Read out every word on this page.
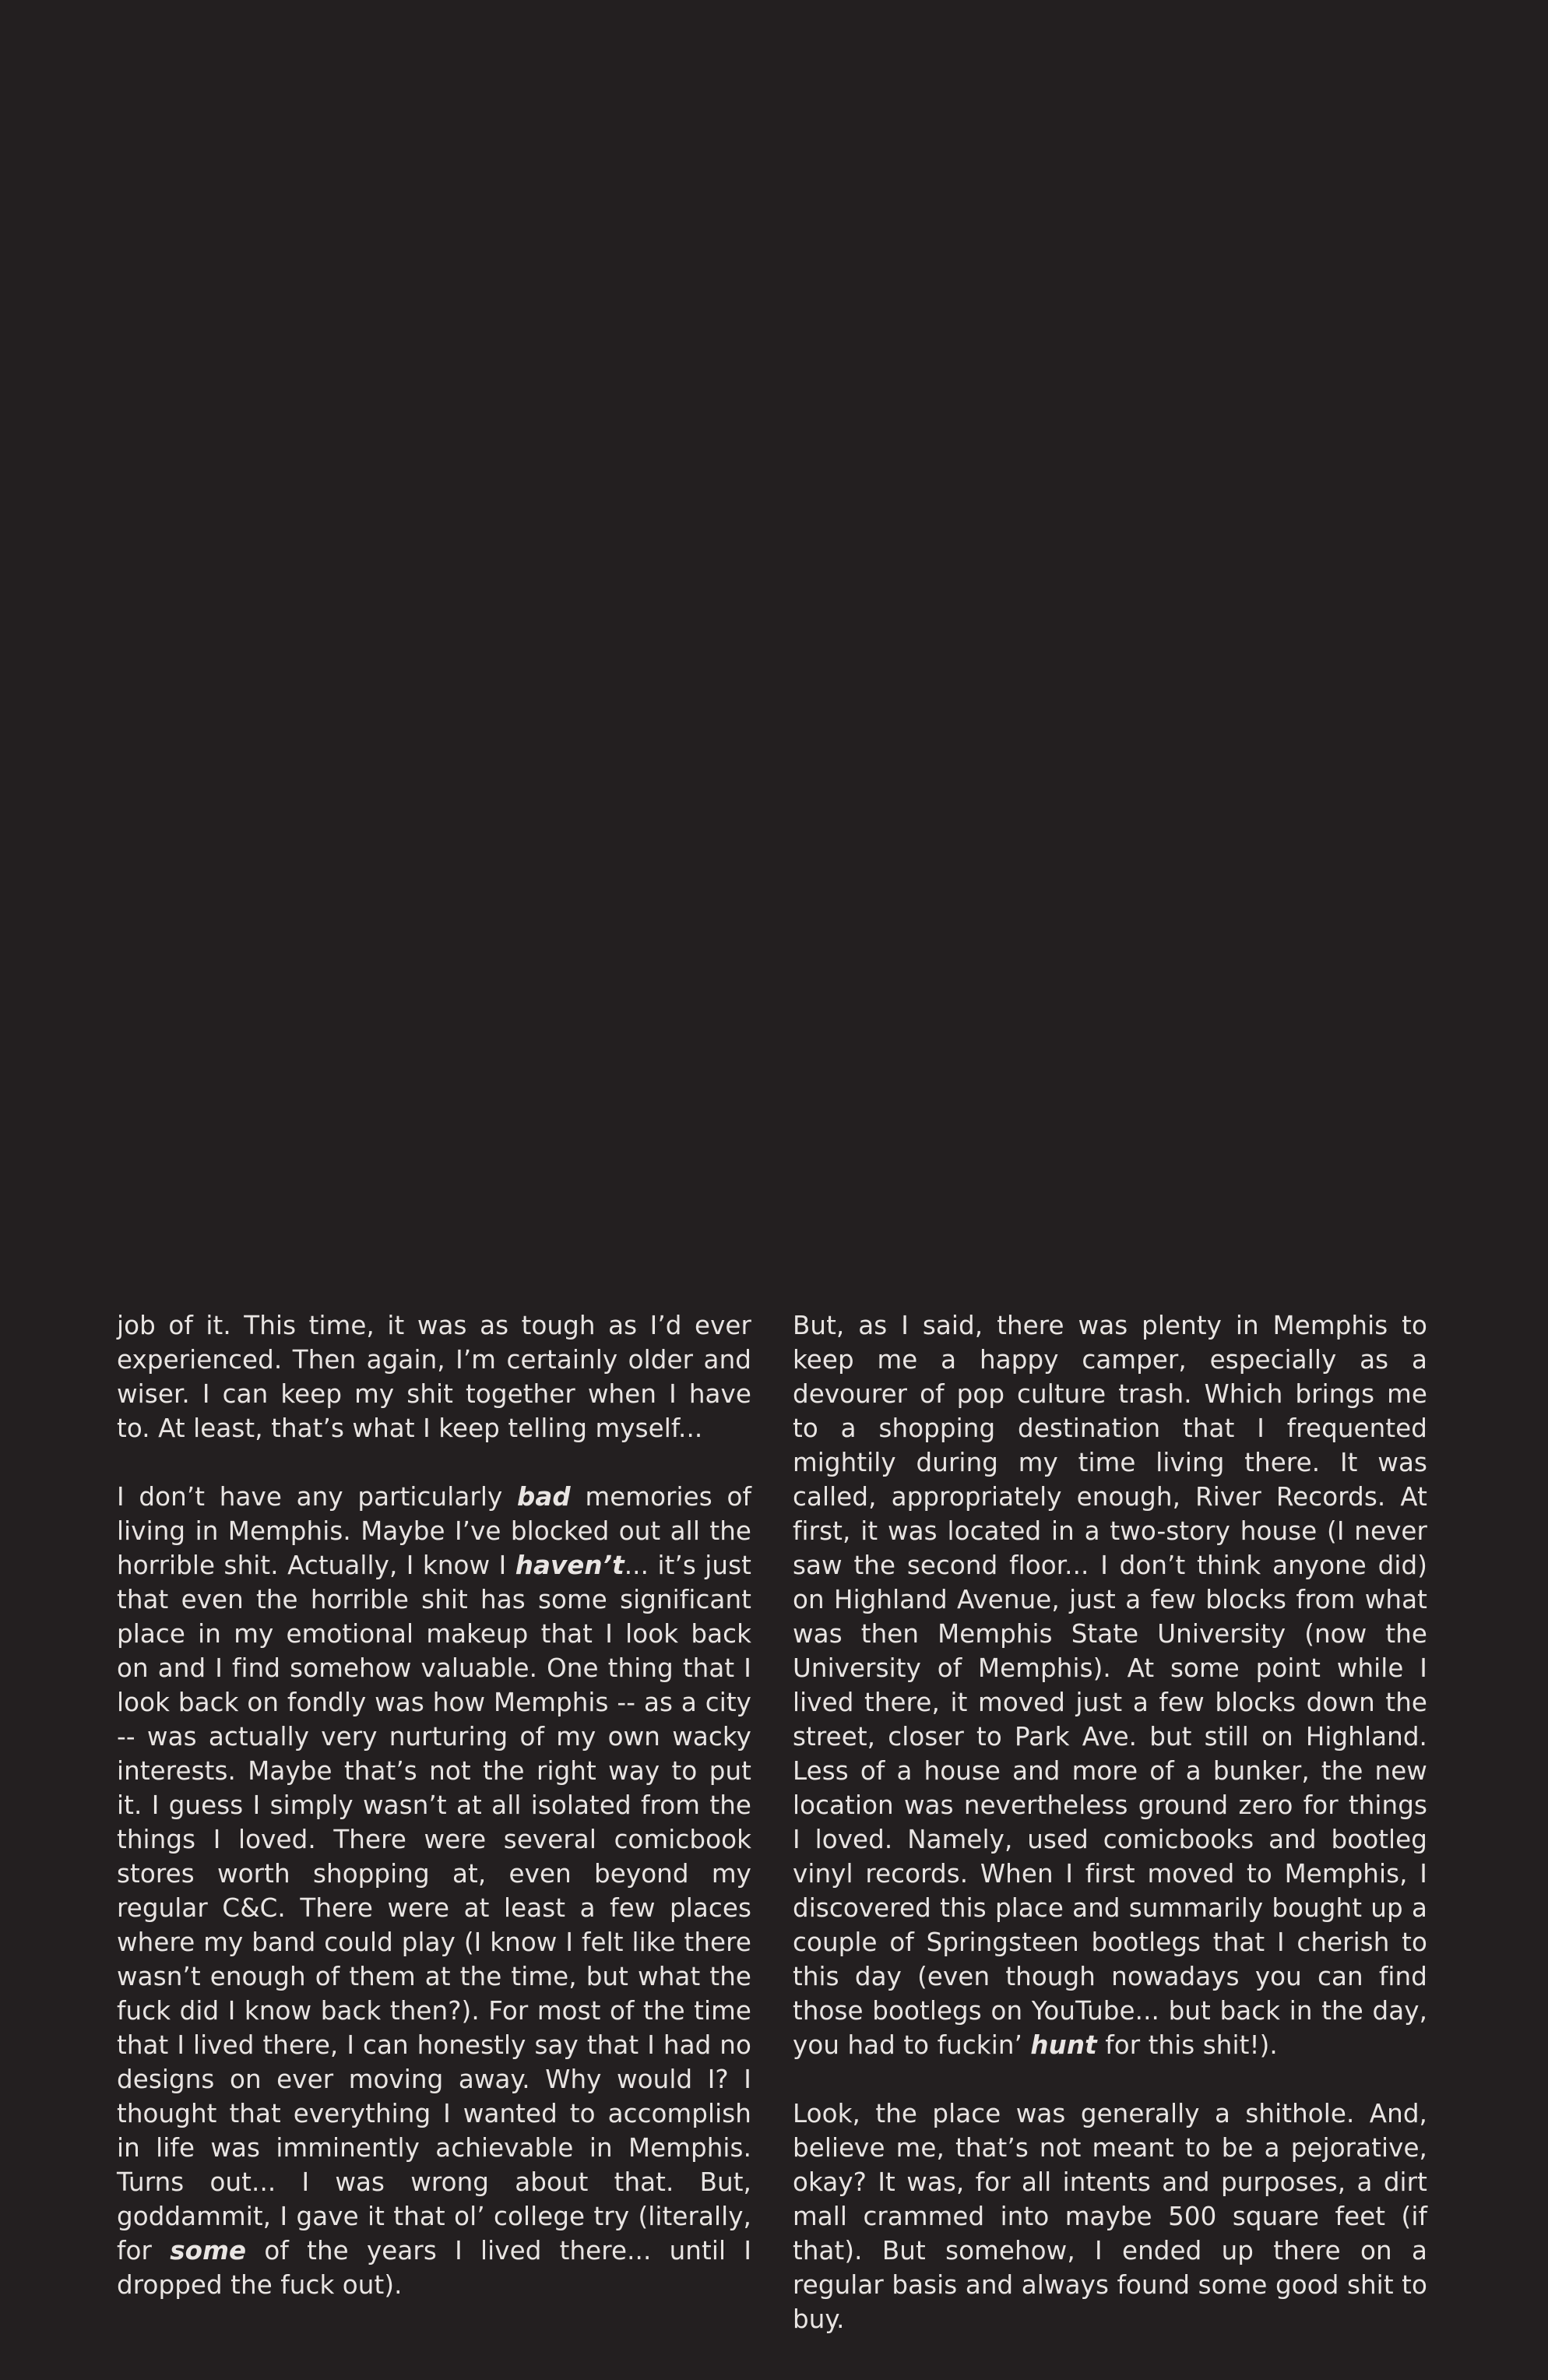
job of it. This time, it was as tough as I’d ever experienced. Then again, I’m certainly older and wiser. I can keep my shit together when I have to. At least, that’s what I keep telling myself...

I don’t have any particularly bad memories of living in Memphis. Maybe I’ve blocked out all the horrible shit. Actually, I know I haven’t... it’s just that even the horrible shit has some significant place in my emotional makeup that I look back on and I find somehow valuable. One thing that I look back on fondly was how Memphis -- as a city -- was actually very nurturing of my own wacky interests. Maybe that’s not the right way to put it. I guess I simply wasn’t at all isolated from the things I loved. There were several comicbook stores worth shopping at, even beyond my regular C&C. There were at least a few places where my band could play (I know I felt like there wasn’t enough of them at the time, but what the fuck did I know back then?). For most of the time that I lived there, I can honestly say that I had no designs on ever moving away. Why would I? I thought that everything I wanted to accomplish in life was imminently achievable in Memphis. Turns out... I was wrong about that. But, goddammit, I gave it that ol’ college try (literally, for some of the years I lived there... until I dropped the fuck out).

But, as I said, there was plenty in Memphis to keep me a happy camper, especially as a devourer of pop culture trash. Which brings me to a shopping destination that I frequented mightily during my time living there. It was called, appropriately enough, River Records. At first, it was located in a two-story house (I never saw the second floor... I don’t think anyone did) on Highland Avenue, just a few blocks from what was then Memphis State University (now the University of Memphis). At some point while I lived there, it moved just a few blocks down the street, closer to Park Ave. but still on Highland. Less of a house and more of a bunker, the new location was nevertheless ground zero for things I loved. Namely, used comicbooks and bootleg vinyl records. When I first moved to Memphis, I discovered this place and summarily bought up a couple of Springsteen bootlegs that I cherish to this day (even though nowadays you can find those bootlegs on YouTube... but back in the day, you had to fuckin’ hunt for this shit!).

Look, the place was generally a shithole. And, believe me, that’s not meant to be a pejorative, okay? It was, for all intents and purposes, a dirt mall crammed into maybe 500 square feet (if that). But somehow, I ended up there on a regular basis and always found some good shit to buy.
